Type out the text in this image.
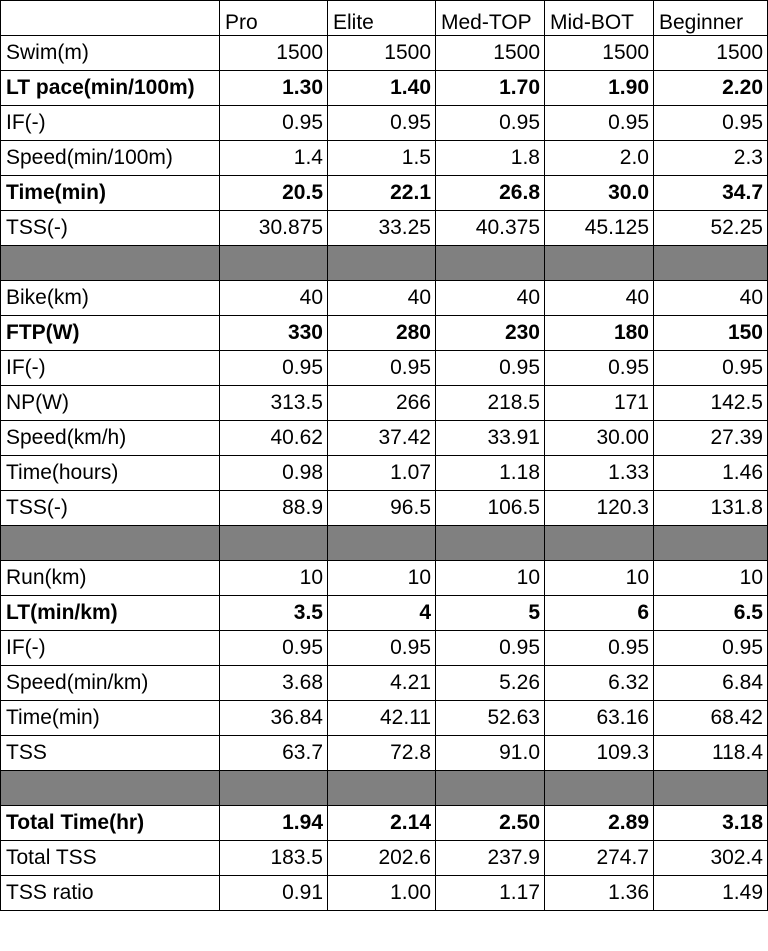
	Pro	Elite	Med-TOP	Mid-BOT	Beginner
Swim(m)	1500	1500	1500	1500	1500
LT pace(min/100m)	1.30	1.40	1.70	1.90	2.20
IF(-)	0.95	0.95	0.95	0.95	0.95
Speed(min/100m)	1.4	1.5	1.8	2.0	2.3
Time(min)	20.5	22.1	26.8	30.0	34.7
TSS(-)	30.875	33.25	40.375	45.125	52.25

Bike(km)	40	40	40	40	40
FTP(W)	330	280	230	180	150
IF(-)	0.95	0.95	0.95	0.95	0.95
NP(W)	313.5	266	218.5	171	142.5
Speed(km/h)	40.62	37.42	33.91	30.00	27.39
Time(hours)	0.98	1.07	1.18	1.33	1.46
TSS(-)	88.9	96.5	106.5	120.3	131.8

Run(km)	10	10	10	10	10
LT(min/km)	3.5	4	5	6	6.5
IF(-)	0.95	0.95	0.95	0.95	0.95
Speed(min/km)	3.68	4.21	5.26	6.32	6.84
Time(min)	36.84	42.11	52.63	63.16	68.42
TSS	63.7	72.8	91.0	109.3	118.4

Total Time(hr)	1.94	2.14	2.50	2.89	3.18
Total TSS	183.5	202.6	237.9	274.7	302.4
TSS ratio	0.91	1.00	1.17	1.36	1.49
